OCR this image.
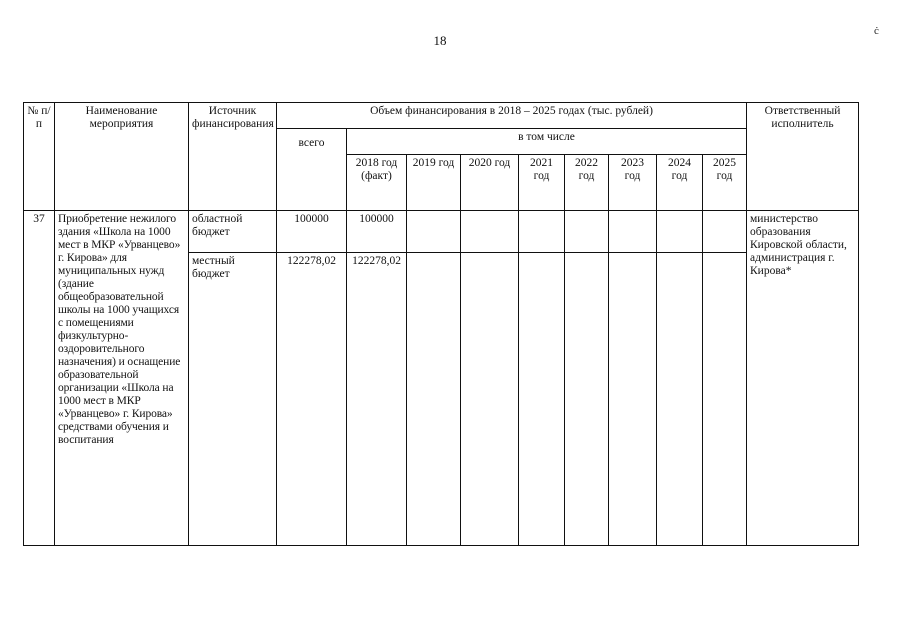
18
ċ
№ п/п	Наименование мероприятия	Источник финансирования	Объем финансирования в 2018 – 2025 годах (тыс. рублей)									Ответственный исполнитель
			всего	в том числе								
				2018 год (факт)	2019 год	2020 год	2021 год	2022 год	2023 год	2024 год	2025 год	
37	Приобретение нежилого здания «Школа на 1000 мест в МКР «Урванцево» г. Кирова» для муниципальных нужд (здание общеобразовательной школы на 1000 учащихся с помещениями физкультурно-оздоровительного назначения) и оснащение образовательной организации «Школа на 1000 мест в МКР «Урванцево» г. Кирова» средствами обучения и воспитания	областной бюджет	100000	100000								министерство образования Кировской области, администрация г. Кирова*
		местный бюджет	122278,02	122278,02								
